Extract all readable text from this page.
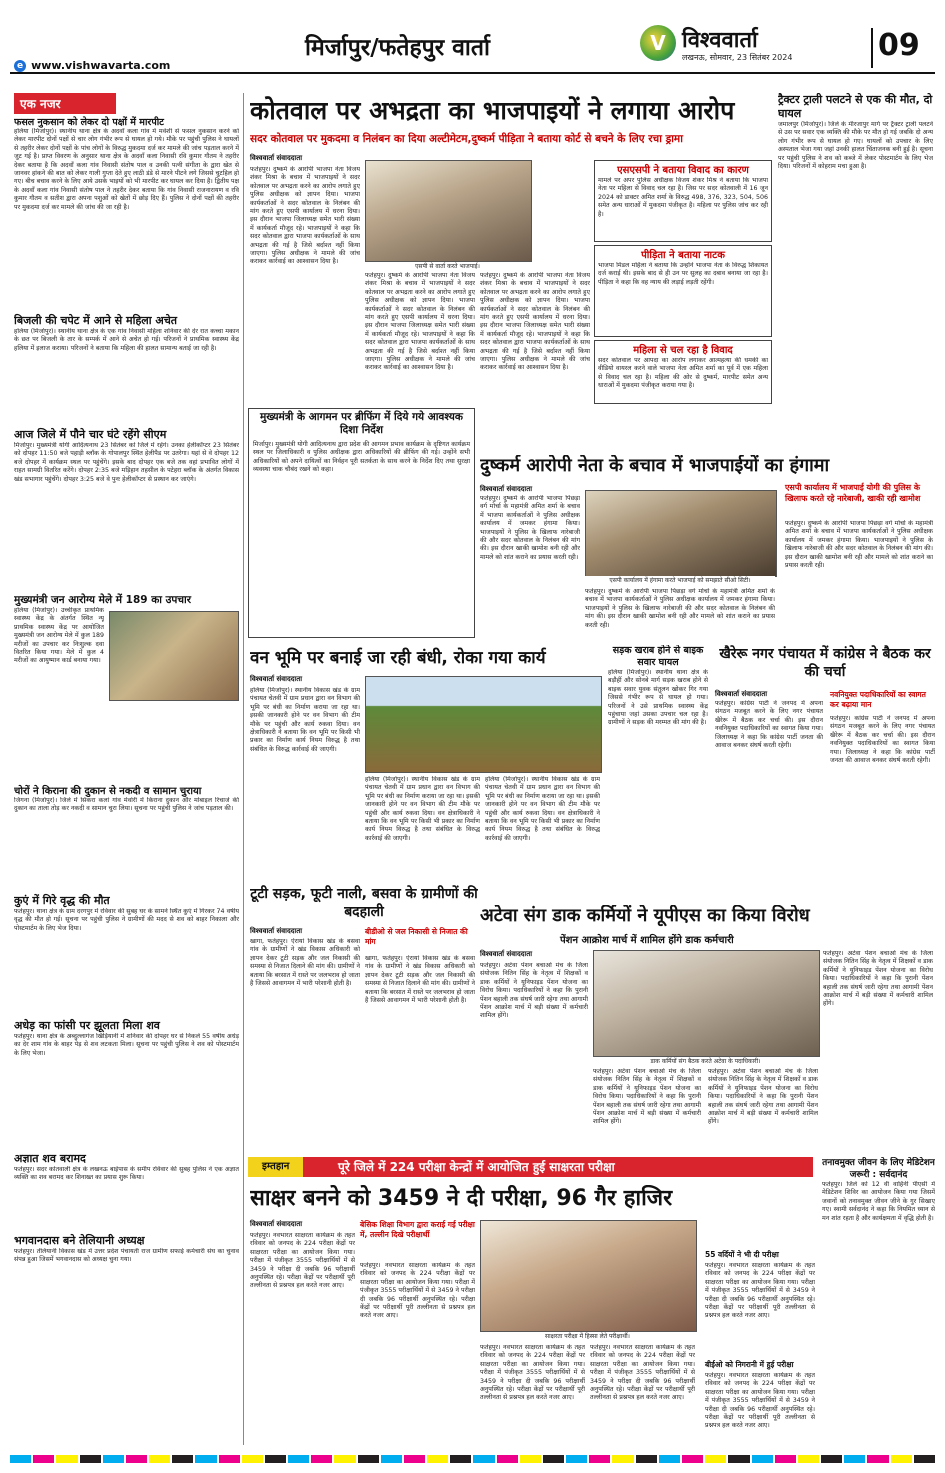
मिर्जापुर/फतेहपुर वार्ता
e www.vishwavarta.com
V विश्ववार्ता
लखनऊ, सोमवार, 23 सितंबर 2024	09
एक नजर
फसल नुकसान को लेकर दो पक्षों में मारपीट
हलिया (मिर्जापुर)। स्थानीय थाना क्षेत्र के अदवाँ कला गांव में मवेशी से फसल नुकसान करने को लेकर मारपीट दोनों पक्षों से चार लोग गंभीर रूप से घायल हो गये। मौके पर पहुंची पुलिस ने घायलों से तहरीर लेकर दोनों पक्षों के पांच लोगों के विरुद्ध मुकदमा दर्ज कर मामले की जांच पड़ताल करने में जुट गई है। प्राप्त विवरण के अनुसार थाना क्षेत्र के अदवाँ कला निवासी रवि कुमार गौतम ने तहरीर देकर बताया है कि अदवाँ कला गांव निवासी संतोष पाल व उनकी पत्नी संगीता के द्वारा खेत से जानवर हांकने की बात को लेकर गाली गुप्ता देते हुए लाठी डंडे से मारने पीटने लगे जिससे चुटहिल हो गए। बीच बचाव करने के लिए आये उसके भाइयों को भी मारपीट कर घायल कर दिया है। द्वितीय पक्ष के अदवाँ कला गांव निवासी संतोष पाल ने तहरीर देकर बताया कि गांव निवासी राजनारायण व रवि कुमार गौतम व सतीश द्वारा अपना पशुओं को खेतों में छोड़ दिए हैं। पुलिस ने दोनों पक्षों की तहरीर पर मुकदमा दर्ज कर मामले की जांच की जा रही है।
बिजली की चपेट में आने से महिला अचेत
हलिया (मिर्जापुर)। स्थानीय थाना क्षेत्र के एक गांव निवासी महिला शनिवार की देर रात कच्चा मकान के छत पर बिजली के तार के सम्पर्क में आने से अचेत हो गई। परिजनों ने प्राथमिक स्वास्थ्य केंद्र हलिया में इलाज कराया। परिजनों ने बताया कि महिला की हालत सामान्य बताई जा रही है।
आज जिले में पौने चार घंटे रहेंगे सीएम
मिर्जापुर। मुख्यमंत्री योगी आदित्यनाथ 23 सितंबर को जिले में रहेंगे। उनका हेलीकॉप्टर 23 सितंबर को दोपहर 11:50 बजे पहाड़ी ब्लॉक के गोपालपुर स्थित हेलीपैड पर उतरेगा। यहां से वे दोपहर 12 बजे दोपहर में कार्यक्रम स्थल पर पहुंचेंगे। इसके बाद दोपहर एक बजे तक वहां प्रभावित लोगों में राहत सामग्री वितरित करेंगे। दोपहर 2:35 बजे मड़िहान तहसील के पटेहरा ब्लॉक के अंतर्गत विकास खंड सभागार पहुंचेंगे। दोपहर 3:25 बजे वे पुनः हेलीकॉप्टर से प्रस्थान कर जाएंगे।
मुख्यमंत्री जन आरोग्य मेले में 189 का उपचार
हलिया (मिर्जापुर)। उच्चीकृत प्राथमिक स्वास्थ्य केंद्र के अंतर्गत स्थित न्यू प्राथमिक स्वास्थ्य केंद्र पर आयोजित मुख्यमंत्री जन आरोग्य मेले में कुल 189 मरीजों का उपचार कर निःशुल्क दवा वितरित किया गया। मेले में कुल 4 मरीजों का आयुष्मान कार्ड बनाया गया।
चोरों ने किराना की दुकान से नकदी व सामान चुराया
जिगना (मिर्जापुर)। जिले में सिकरा कलां गांव मेवोरी में किराना दुकान और मोबाइल रिचार्ज की दुकान का ताला तोड़ कर नकदी व सामान चुरा लिया। सूचना पर पहुंची पुलिस ने जांच पड़ताल की।
कुएं में गिरे वृद्ध की मौत
फतेहपुर। थाना क्षेत्र के ग्राम दरगपुर में रविवार की सुबह घर के सामने स्थित कुएं में गिरकर 74 वर्षीय वृद्ध की मौत हो गई। सूचना पर पहुंची पुलिस ने ग्रामीणों की मदद से शव को बाहर निकाला और पोस्टमार्टम के लिए भेज दिया।
अधेड़ का फांसी पर झूलता मिला शव
फतेहपुर। थाना क्षेत्र के अब्दुल्लागंज खिड़ियानी में शनिवार की दोपहर घर से निकले 55 वर्षीय अधेड़ का देर शाम गांव के बाहर पेड़ से शव लटकता मिला। सूचना पर पहुंची पुलिस ने शव को पोस्टमार्टम के लिए भेजा।
अज्ञात शव बरामद
फतेहपुर। सदर कोतवाली क्षेत्र के लखनऊ बाईपास के समीप रविवार की सुबह पुलिस ने एक अज्ञात व्यक्ति का शव बरामद कर शिनाख्त का प्रयास शुरू किया।
भगवानदास बने तेलियानी अध्यक्ष
फतेहपुर। तेलियानी विकास खंड में उत्तर प्रदेश पंचायती राज ग्रामीण सफाई कर्मचारी संघ का चुनाव संपन्न हुआ जिसमें भगवानदास को अध्यक्ष चुना गया।
कोतवाल पर अभद्रता का भाजपाइयों ने लगाया आरोप
सदर कोतवाल पर मुकदमा व निलंबन का दिया अल्टीमेटम,दुष्कर्म पीड़िता ने बताया कोर्ट से बचने के लिए रचा ड्रामा
विश्ववार्ता संवाददाता
फतेहपुर। दुष्कर्म के आरोपी भाजपा नेता विजय शंकर मिश्रा के बचाव में भाजपाइयों ने सदर कोतवाल पर अभद्रता करने का आरोप लगाते हुए पुलिस अधीक्षक को ज्ञापन दिया। भाजपा कार्यकर्ताओं ने सदर कोतवाल के निलंबन की मांग करते हुए एसपी कार्यालय में धरना दिया। इस दौरान भाजपा जिलाध्यक्ष समेत भारी संख्या में कार्यकर्ता मौजूद रहे। भाजपाइयों ने कहा कि सदर कोतवाल द्वारा भाजपा कार्यकर्ताओं के साथ अभद्रता की गई है जिसे बर्दाश्त नहीं किया जाएगा। पुलिस अधीक्षक ने मामले की जांच कराकर कार्रवाई का आश्वासन दिया है।
एसपी से वार्ता करते भाजपाई।
फतेहपुर। दुष्कर्म के आरोपी भाजपा नेता विजय शंकर मिश्रा के बचाव में भाजपाइयों ने सदर कोतवाल पर अभद्रता करने का आरोप लगाते हुए पुलिस अधीक्षक को ज्ञापन दिया। भाजपा कार्यकर्ताओं ने सदर कोतवाल के निलंबन की मांग करते हुए एसपी कार्यालय में धरना दिया। इस दौरान भाजपा जिलाध्यक्ष समेत भारी संख्या में कार्यकर्ता मौजूद रहे। भाजपाइयों ने कहा कि सदर कोतवाल द्वारा भाजपा कार्यकर्ताओं के साथ अभद्रता की गई है जिसे बर्दाश्त नहीं किया जाएगा। पुलिस अधीक्षक ने मामले की जांच कराकर कार्रवाई का आश्वासन दिया है।
फतेहपुर। दुष्कर्म के आरोपी भाजपा नेता विजय शंकर मिश्रा के बचाव में भाजपाइयों ने सदर कोतवाल पर अभद्रता करने का आरोप लगाते हुए पुलिस अधीक्षक को ज्ञापन दिया। भाजपा कार्यकर्ताओं ने सदर कोतवाल के निलंबन की मांग करते हुए एसपी कार्यालय में धरना दिया। इस दौरान भाजपा जिलाध्यक्ष समेत भारी संख्या में कार्यकर्ता मौजूद रहे। भाजपाइयों ने कहा कि सदर कोतवाल द्वारा भाजपा कार्यकर्ताओं के साथ अभद्रता की गई है जिसे बर्दाश्त नहीं किया जाएगा। पुलिस अधीक्षक ने मामले की जांच कराकर कार्रवाई का आश्वासन दिया है।
एसएसपी ने बताया विवाद का कारण
मामले पर अपर पुलिस अधीक्षक विजय शंकर मिश्र ने बताया कि भाजपा नेता पर महिला से विवाद चल रहा है। जिस पर सदर कोतवाली में 16 जून 2024 को डाक्टर अमित शर्मा के विरुद्ध 498, 376, 323, 504, 506 समेत अन्य धाराओं में मुकदमा पंजीकृत है। महिला पर पुलिस जांच कर रही है।
पीड़िता ने बताया नाटक
भाजपा मिडल महिला ने बताया कि उन्होंने भाजपा नेता के विरुद्ध शिकायत दर्ज कराई थी। इसके बाद से ही उन पर सुलह का दबाव बनाया जा रहा है। पीड़िता ने कहा कि वह न्याय की लड़ाई लड़ती रहेंगी।
महिला से चल रहा है विवाद
सदर कोतवाल पर आपदा का आरोप लगाकर आत्महत्या की धमकी का वीडियो वायरल करने वाले भाजपा नेता अमित शर्मा का पूर्व में एक महिला से विवाद चल रहा है। महिला की ओर से दुष्कर्म, मारपीट समेत अन्य धाराओं में मुकदमा पंजीकृत कराया गया है।
ट्रैक्टर ट्राली पलटने से एक की मौत, दो घायल
जमालपुर (मिर्जापुर)। जिले के मीरजापुर मार्ग पर ट्रैक्टर ट्राली पलटने से उस पर सवार एक व्यक्ति की मौके पर मौत हो गई जबकि दो अन्य लोग गंभीर रूप से घायल हो गए। घायलों को उपचार के लिए अस्पताल भेजा गया जहां उनकी हालत चिंताजनक बनी हुई है। सूचना पर पहुंची पुलिस ने शव को कब्जे में लेकर पोस्टमार्टम के लिए भेज दिया। परिजनों में कोहराम मचा हुआ है।
मुख्यमंत्री के आगमन पर ब्रीफिंग में दिये गये आवश्यक दिशा निर्देश
मिर्जापुर। मुख्यमंत्री योगी आदित्यनाथ द्वारा प्रदेश की आगमन प्रभाव कार्यक्रम के दृष्टिगत कार्यक्रम स्थल पर जिलाधिकारी व पुलिस अधीक्षक द्वारा अधिकारियों की ब्रीफिंग की गई। उन्होंने सभी अधिकारियों को अपने दायित्वों का निर्वहन पूरी सतर्कता के साथ करने के निर्देश दिए तथा सुरक्षा व्यवस्था चाक चौबंद रखने को कहा।	दुष्कर्म आरोपी नेता के बचाव में भाजपाईयों का हंगामा
विश्ववार्ता संवाददाता
फतेहपुर। दुष्कर्म के आरोपी भाजपा पिछड़ा वर्ग मोर्चा के महामंत्री अमित शर्मा के बचाव में भाजपा कार्यकर्ताओं ने पुलिस अधीक्षक कार्यालय में जमकर हंगामा किया। भाजपाइयों ने पुलिस के खिलाफ नारेबाजी की और सदर कोतवाल के निलंबन की मांग की। इस दौरान खाकी खामोश बनी रही और मामले को शांत कराने का प्रयास करती रही।
एसपी कार्यालय में हंगामा करते भाजपाई को समझाते सीओ सिटी।
फतेहपुर। दुष्कर्म के आरोपी भाजपा पिछड़ा वर्ग मोर्चा के महामंत्री अमित शर्मा के बचाव में भाजपा कार्यकर्ताओं ने पुलिस अधीक्षक कार्यालय में जमकर हंगामा किया। भाजपाइयों ने पुलिस के खिलाफ नारेबाजी की और सदर कोतवाल के निलंबन की मांग की। इस दौरान खाकी खामोश बनी रही और मामले को शांत कराने का प्रयास करती रही।
एसपी कार्यालय में भाजपाई योगी की पुलिस के खिलाफ करते रहे नारेबाजी, खाकी रही खामोश
फतेहपुर। दुष्कर्म के आरोपी भाजपा पिछड़ा वर्ग मोर्चा के महामंत्री अमित शर्मा के बचाव में भाजपा कार्यकर्ताओं ने पुलिस अधीक्षक कार्यालय में जमकर हंगामा किया। भाजपाइयों ने पुलिस के खिलाफ नारेबाजी की और सदर कोतवाल के निलंबन की मांग की। इस दौरान खाकी खामोश बनी रही और मामले को शांत कराने का प्रयास करती रही।
वन भूमि पर बनाई जा रही बंधी, रोका गया कार्य
विश्ववार्ता संवाददाता
हलिया (मिर्जापुर)। स्थानीय विकास खंड के ग्राम पंचायत चेतवी में ग्राम प्रधान द्वारा वन विभाग की भूमि पर बंधी का निर्माण कराया जा रहा था। इसकी जानकारी होने पर वन विभाग की टीम मौके पर पहुंची और कार्य रुकवा दिया। वन क्षेत्राधिकारी ने बताया कि वन भूमि पर किसी भी प्रकार का निर्माण कार्य नियम विरुद्ध है तथा संबंधित के विरुद्ध कार्रवाई की जाएगी।
हलिया (मिर्जापुर)। स्थानीय विकास खंड के ग्राम पंचायत चेतवी में ग्राम प्रधान द्वारा वन विभाग की भूमि पर बंधी का निर्माण कराया जा रहा था। इसकी जानकारी होने पर वन विभाग की टीम मौके पर पहुंची और कार्य रुकवा दिया। वन क्षेत्राधिकारी ने बताया कि वन भूमि पर किसी भी प्रकार का निर्माण कार्य नियम विरुद्ध है तथा संबंधित के विरुद्ध कार्रवाई की जाएगी।
हलिया (मिर्जापुर)। स्थानीय विकास खंड के ग्राम पंचायत चेतवी में ग्राम प्रधान द्वारा वन विभाग की भूमि पर बंधी का निर्माण कराया जा रहा था। इसकी जानकारी होने पर वन विभाग की टीम मौके पर पहुंची और कार्य रुकवा दिया। वन क्षेत्राधिकारी ने बताया कि वन भूमि पर किसी भी प्रकार का निर्माण कार्य नियम विरुद्ध है तथा संबंधित के विरुद्ध कार्रवाई की जाएगी।
सड़क खराब होने से बाइक सवार घायल
हलिया (मिर्जापुर)। स्थानीय थाना क्षेत्र के बड़ौहीं और सोनबे मार्ग सड़क खराब होने से बाइक सवार युवक संतुलन खोकर गिर गया जिससे गंभीर रूप से घायल हो गया। परिजनों ने उसे प्राथमिक स्वास्थ्य केंद्र पहुंचाया जहां उसका उपचार चल रहा है। ग्रामीणों ने सड़क की मरम्मत की मांग की है।
खैरेरू नगर पंचायत में कांग्रेस ने बैठक कर की चर्चा
विश्ववार्ता संवाददाता	नवनियुक्त पदाधिकारियों का स्वागत कर बढ़ाया मान
फतेहपुर। कांग्रेस पार्टी ने जनपद में अपना संगठन मजबूत करने के लिए नगर पंचायत खैरेरू में बैठक कर चर्चा की। इस दौरान नवनियुक्त पदाधिकारियों का स्वागत किया गया। जिलाध्यक्ष ने कहा कि कांग्रेस पार्टी जनता की आवाज बनकर संघर्ष करती रहेगी।
फतेहपुर। कांग्रेस पार्टी ने जनपद में अपना संगठन मजबूत करने के लिए नगर पंचायत खैरेरू में बैठक कर चर्चा की। इस दौरान नवनियुक्त पदाधिकारियों का स्वागत किया गया। जिलाध्यक्ष ने कहा कि कांग्रेस पार्टी जनता की आवाज बनकर संघर्ष करती रहेगी।
टूटी सड़क, फूटी नाली, बसवा के ग्रामीणों की बदहाली
विश्ववार्ता संवाददाता	बीडीओ से जल निकासी से निजात की मांग
खागा, फतेहपुर। ऐरायां विकास खंड के बसवा गांव के ग्रामीणों ने खंड विकास अधिकारी को ज्ञापन देकर टूटी सड़क और जल निकासी की समस्या से निजात दिलाने की मांग की। ग्रामीणों ने बताया कि बरसात में रास्ते पर जलभराव हो जाता है जिससे आवागमन में भारी परेशानी होती है।
खागा, फतेहपुर। ऐरायां विकास खंड के बसवा गांव के ग्रामीणों ने खंड विकास अधिकारी को ज्ञापन देकर टूटी सड़क और जल निकासी की समस्या से निजात दिलाने की मांग की। ग्रामीणों ने बताया कि बरसात में रास्ते पर जलभराव हो जाता है जिससे आवागमन में भारी परेशानी होती है।
अटेवा संग डाक कर्मियों ने यूपीएस का किया विरोध
पेंशन आक्रोश मार्च में शामिल होंगे डाक कर्मचारी
विश्ववार्ता संवाददाता
फतेहपुर। अटेवा पेंशन बचाओ मंच के जिला संयोजक नितिन सिंह के नेतृत्व में शिक्षकों व डाक कर्मियों ने यूनिफाइड पेंशन योजना का विरोध किया। पदाधिकारियों ने कहा कि पुरानी पेंशन बहाली तक संघर्ष जारी रहेगा तथा आगामी पेंशन आक्रोश मार्च में बड़ी संख्या में कर्मचारी शामिल होंगे।
डाक कर्मियों संग बैठक करते अटेवा के पदाधिकारी।
फतेहपुर। अटेवा पेंशन बचाओ मंच के जिला संयोजक नितिन सिंह के नेतृत्व में शिक्षकों व डाक कर्मियों ने यूनिफाइड पेंशन योजना का विरोध किया। पदाधिकारियों ने कहा कि पुरानी पेंशन बहाली तक संघर्ष जारी रहेगा तथा आगामी पेंशन आक्रोश मार्च में बड़ी संख्या में कर्मचारी शामिल होंगे।
फतेहपुर। अटेवा पेंशन बचाओ मंच के जिला संयोजक नितिन सिंह के नेतृत्व में शिक्षकों व डाक कर्मियों ने यूनिफाइड पेंशन योजना का विरोध किया। पदाधिकारियों ने कहा कि पुरानी पेंशन बहाली तक संघर्ष जारी रहेगा तथा आगामी पेंशन आक्रोश मार्च में बड़ी संख्या में कर्मचारी शामिल होंगे।
फतेहपुर। अटेवा पेंशन बचाओ मंच के जिला संयोजक नितिन सिंह के नेतृत्व में शिक्षकों व डाक कर्मियों ने यूनिफाइड पेंशन योजना का विरोध किया। पदाधिकारियों ने कहा कि पुरानी पेंशन बहाली तक संघर्ष जारी रहेगा तथा आगामी पेंशन आक्रोश मार्च में बड़ी संख्या में कर्मचारी शामिल होंगे।
इम्तहान	पूरे जिले में 224 परीक्षा केन्द्रों में आयोजित हुई साक्षरता परीक्षा
साक्षर बनने को 3459 ने दी परीक्षा, 96 गैर हाजिर
विश्ववार्ता संवाददाता
फतेहपुर। नवभारत साक्षरता कार्यक्रम के तहत रविवार को जनपद के 224 परीक्षा केंद्रों पर साक्षरता परीक्षा का आयोजन किया गया। परीक्षा में पंजीकृत 3555 परीक्षार्थियों में से 3459 ने परीक्षा दी जबकि 96 परीक्षार्थी अनुपस्थित रहे। परीक्षा केंद्रों पर परीक्षार्थी पूरी तल्लीनता से प्रश्नपत्र हल करते नजर आए।
बेसिक शिक्षा विभाग द्वारा कराई गई परीक्षा में, तल्लीन दिखे परीक्षार्थी
फतेहपुर। नवभारत साक्षरता कार्यक्रम के तहत रविवार को जनपद के 224 परीक्षा केंद्रों पर साक्षरता परीक्षा का आयोजन किया गया। परीक्षा में पंजीकृत 3555 परीक्षार्थियों में से 3459 ने परीक्षा दी जबकि 96 परीक्षार्थी अनुपस्थित रहे। परीक्षा केंद्रों पर परीक्षार्थी पूरी तल्लीनता से प्रश्नपत्र हल करते नजर आए।
साक्षरता परीक्षा में हिस्सा लेते परीक्षार्थी।
फतेहपुर। नवभारत साक्षरता कार्यक्रम के तहत रविवार को जनपद के 224 परीक्षा केंद्रों पर साक्षरता परीक्षा का आयोजन किया गया। परीक्षा में पंजीकृत 3555 परीक्षार्थियों में से 3459 ने परीक्षा दी जबकि 96 परीक्षार्थी अनुपस्थित रहे। परीक्षा केंद्रों पर परीक्षार्थी पूरी तल्लीनता से प्रश्नपत्र हल करते नजर आए।
फतेहपुर। नवभारत साक्षरता कार्यक्रम के तहत रविवार को जनपद के 224 परीक्षा केंद्रों पर साक्षरता परीक्षा का आयोजन किया गया। परीक्षा में पंजीकृत 3555 परीक्षार्थियों में से 3459 ने परीक्षा दी जबकि 96 परीक्षार्थी अनुपस्थित रहे। परीक्षा केंद्रों पर परीक्षार्थी पूरी तल्लीनता से प्रश्नपत्र हल करते नजर आए।
55 वर्दियों ने भी दी परीक्षा
फतेहपुर। नवभारत साक्षरता कार्यक्रम के तहत रविवार को जनपद के 224 परीक्षा केंद्रों पर साक्षरता परीक्षा का आयोजन किया गया। परीक्षा में पंजीकृत 3555 परीक्षार्थियों में से 3459 ने परीक्षा दी जबकि 96 परीक्षार्थी अनुपस्थित रहे। परीक्षा केंद्रों पर परीक्षार्थी पूरी तल्लीनता से प्रश्नपत्र हल करते नजर आए।
बीईओ को निगरानी में हुई परीक्षा
फतेहपुर। नवभारत साक्षरता कार्यक्रम के तहत रविवार को जनपद के 224 परीक्षा केंद्रों पर साक्षरता परीक्षा का आयोजन किया गया। परीक्षा में पंजीकृत 3555 परीक्षार्थियों में से 3459 ने परीक्षा दी जबकि 96 परीक्षार्थी अनुपस्थित रहे। परीक्षा केंद्रों पर परीक्षार्थी पूरी तल्लीनता से प्रश्नपत्र हल करते नजर आए।
तनावमुक्त जीवन के लिए मेडिटेशन जरूरी : सर्वदानंद
फतेहपुर। जिले को 12 वीं वाहिनी पीएसी में मेडिटेशन शिविर का आयोजन किया गया जिसमें जवानों को तनावमुक्त जीवन जीने के गुर सिखाए गए। स्वामी सर्वदानंद ने कहा कि नियमित ध्यान से मन शांत रहता है और कार्यक्षमता में वृद्धि होती है।
